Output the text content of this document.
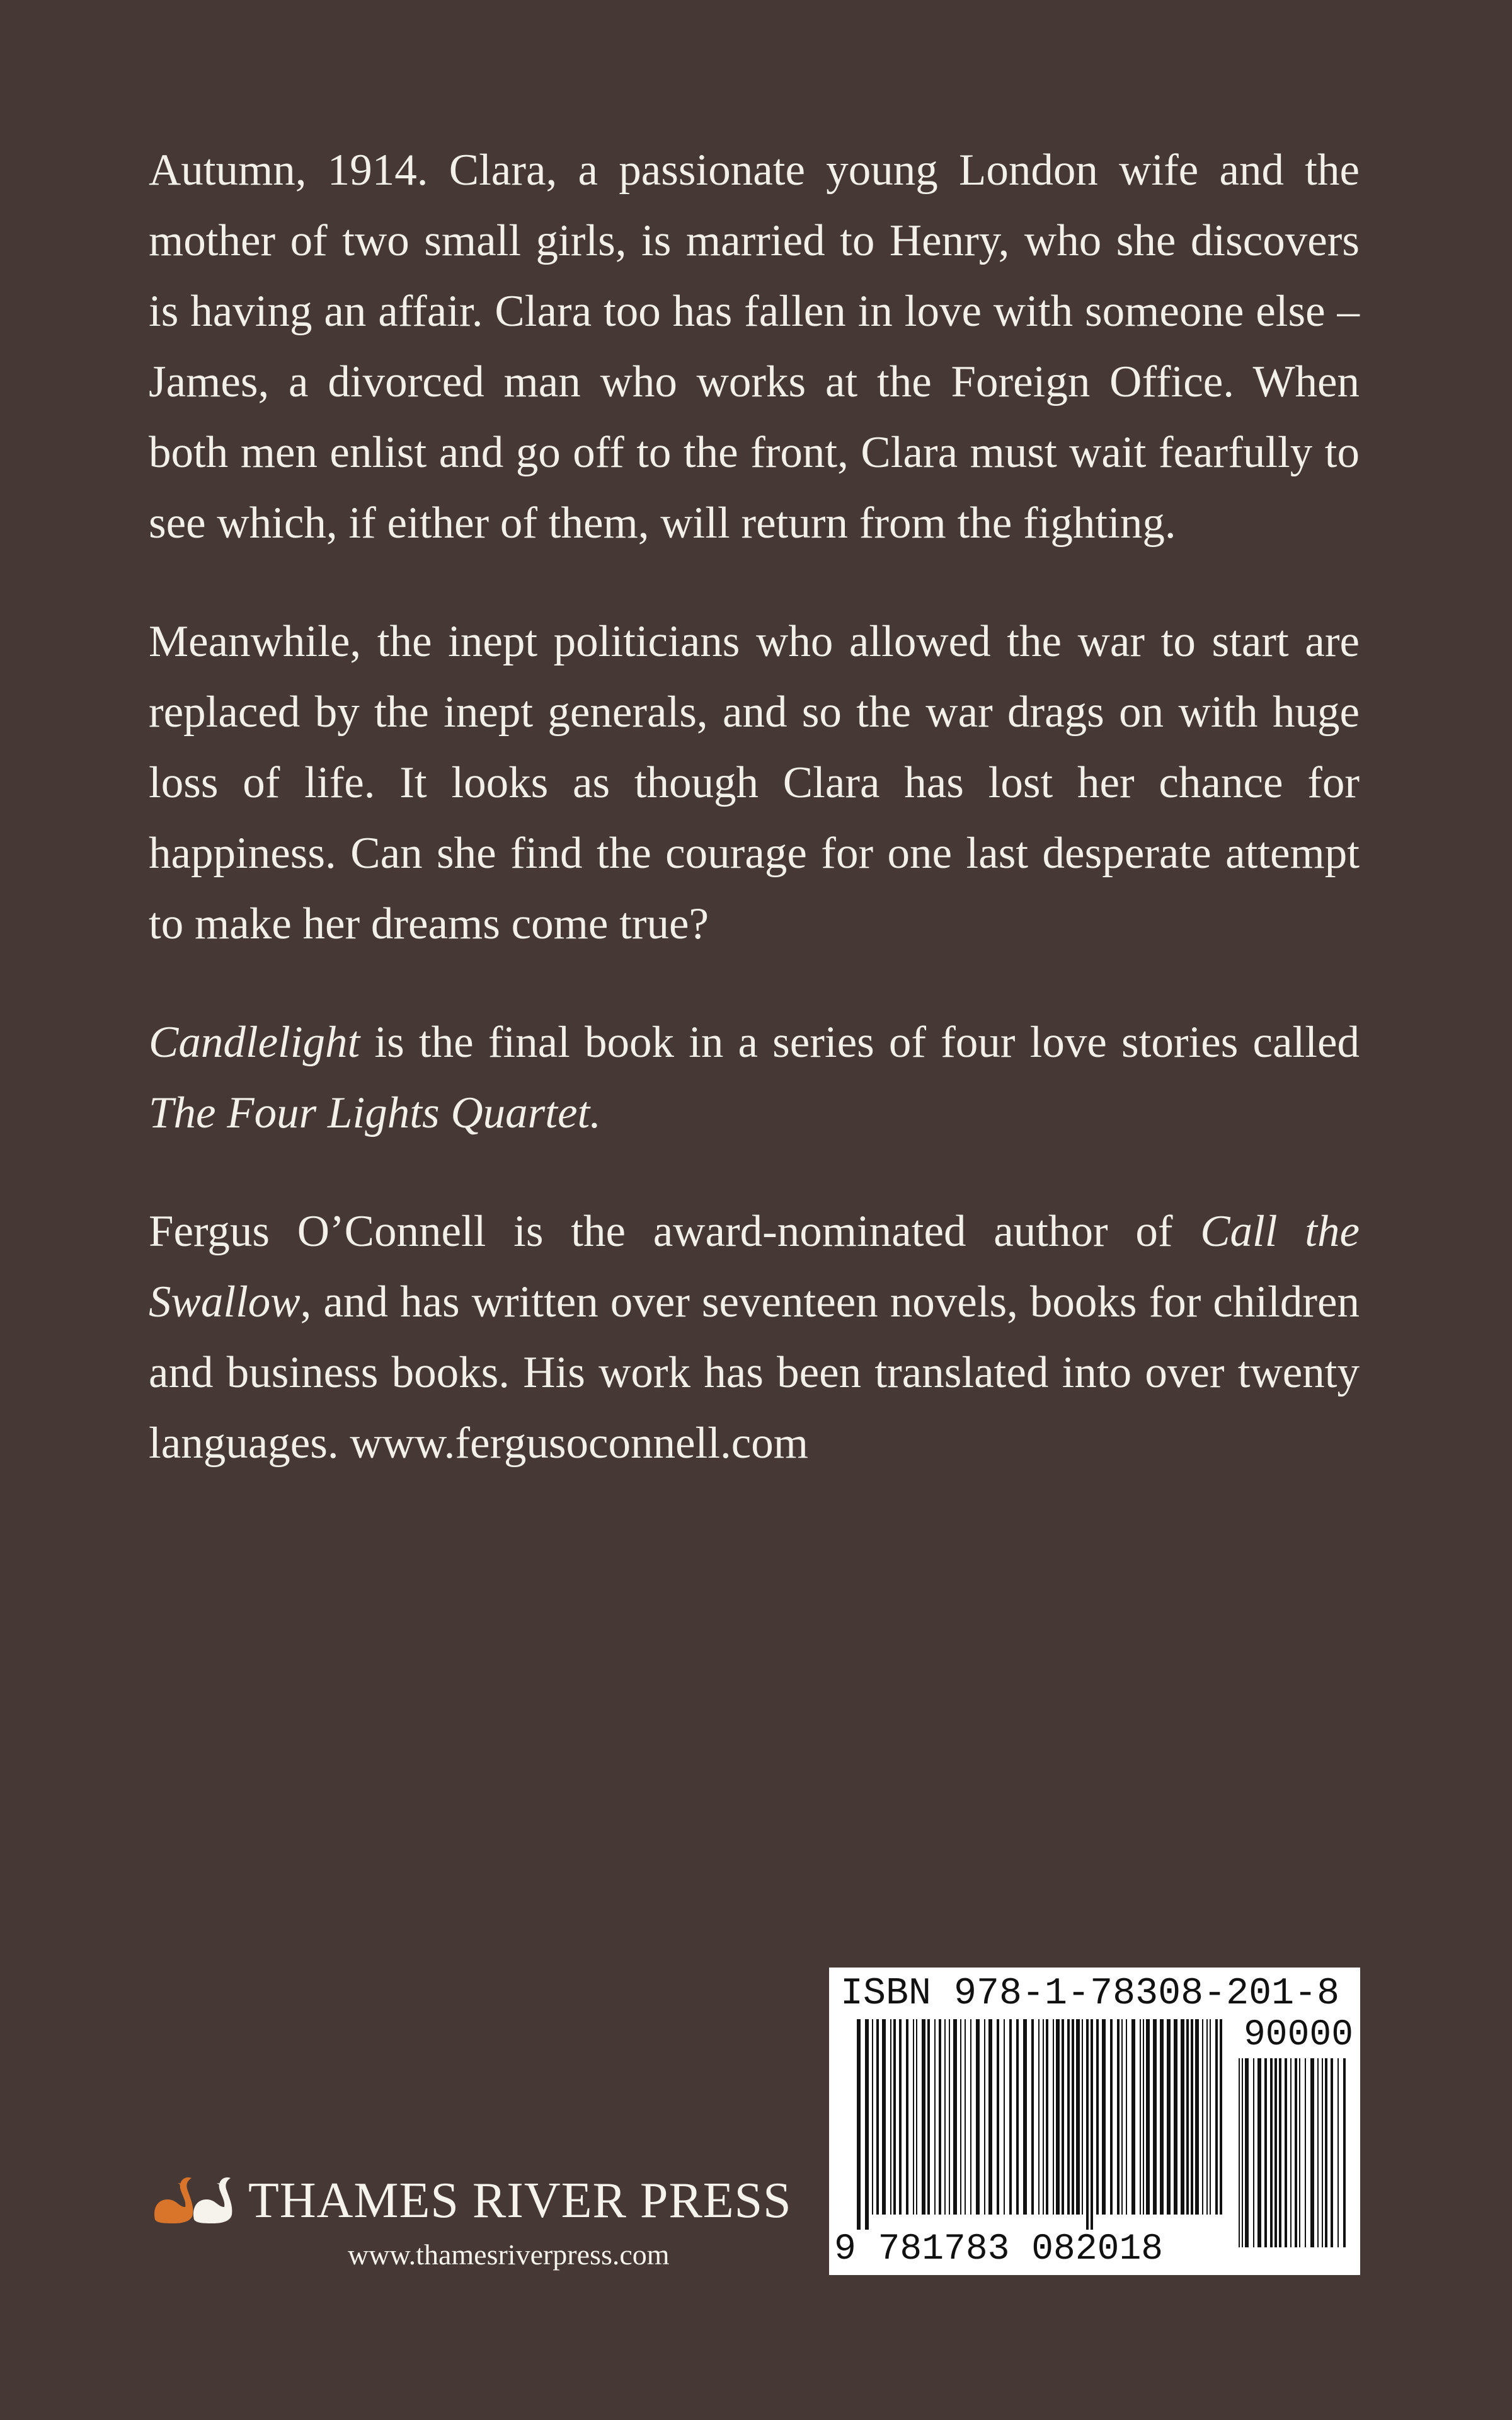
Autumn, 1914. Clara, a passionate young London wife and the mother of two small girls, is married to Henry, who she discovers is having an affair. Clara too has fallen in love with someone else – James, a divorced man who works at the Foreign Office. When both men enlist and go off to the front, Clara must wait fearfully to see which, if either of them, will return from the fighting.

Meanwhile, the inept politicians who allowed the war to start are replaced by the inept generals, and so the war drags on with huge loss of life. It looks as though Clara has lost her chance for happiness. Can she find the courage for one last desperate attempt to make her dreams come true?

Candlelight is the final book in a series of four love stories called The Four Lights Quartet.

Fergus O’Connell is the award-nominated author of Call the Swallow, and has written over seventeen novels, books for children and business books. His work has been translated into over twenty languages. www.fergusoconnell.com

THAMES RIVER PRESS
www.thamesriverpress.com
ISBN 978-1-78308-201-8
9 781783 082018
90000
